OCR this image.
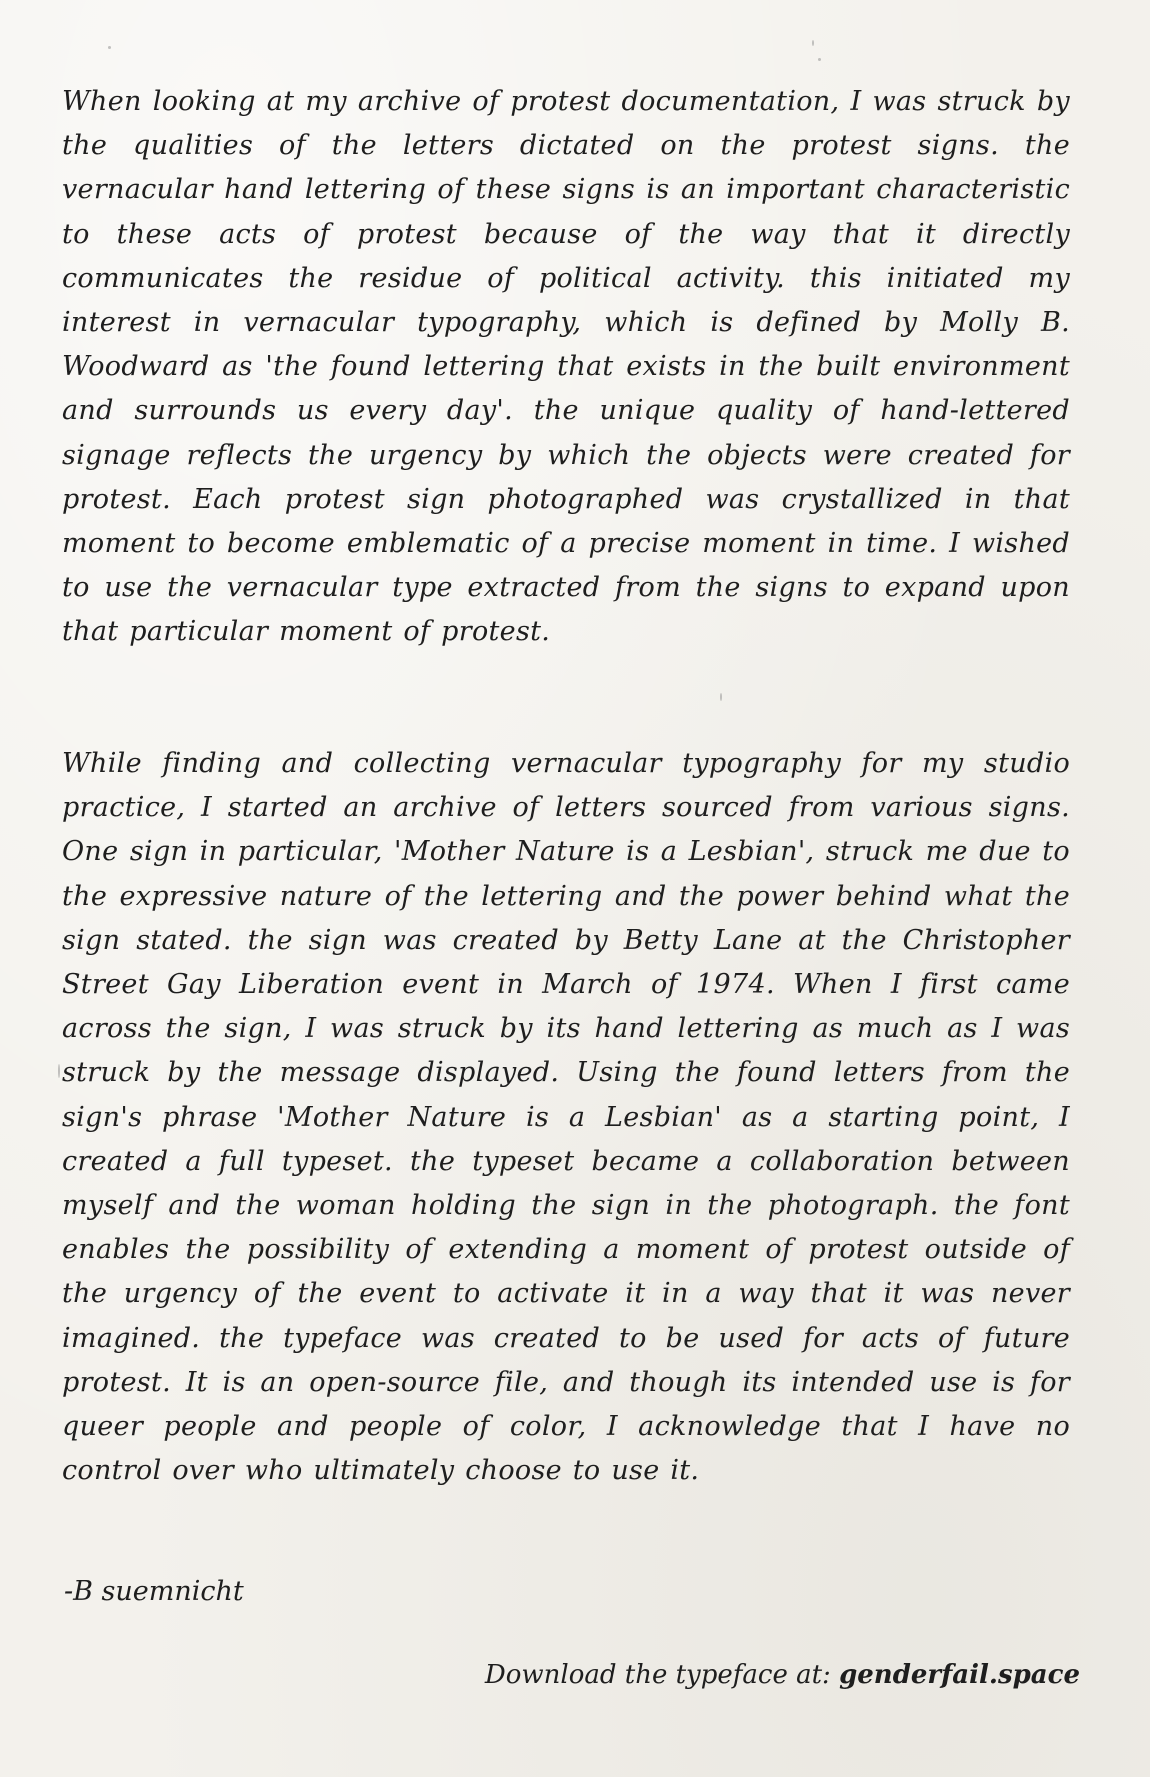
When looking at my archive of protest documentation, I was struck by the qualities of the letters dictated on the protest signs. the vernacular hand lettering of these signs is an important characteristic to these acts of protest because of the way that it directly communicates the residue of political activity. this initiated my interest in vernacular typography, which is defined by Molly B. Woodward as 'the found lettering that exists in the built environment and surrounds us every day'. the unique quality of hand-lettered signage reflects the urgency by which the objects were created for protest. Each protest sign photographed was crystallized in that moment to become emblematic of a precise moment in time. I wished to use the vernacular type extracted from the signs to expand upon that particular moment of protest.
While finding and collecting vernacular typography for my studio practice, I started an archive of letters sourced from various signs. One sign in particular, 'Mother Nature is a Lesbian', struck me due to the expressive nature of the lettering and the power behind what the sign stated. the sign was created by Betty Lane at the Christopher Street Gay Liberation event in March of 1974. When I first came across the sign, I was struck by its hand lettering as much as I was struck by the message displayed. Using the found letters from the sign's phrase 'Mother Nature is a Lesbian' as a starting point, I created a full typeset. the typeset became a collaboration between myself and the woman holding the sign in the photograph. the font enables the possibility of extending a moment of protest outside of the urgency of the event to activate it in a way that it was never imagined. the typeface was created to be used for acts of future protest. It is an open-source file, and though its intended use is for queer people and people of color, I acknowledge that I have no control over who ultimately choose to use it.
-B suemnicht
Download the typeface at: genderfail.space
